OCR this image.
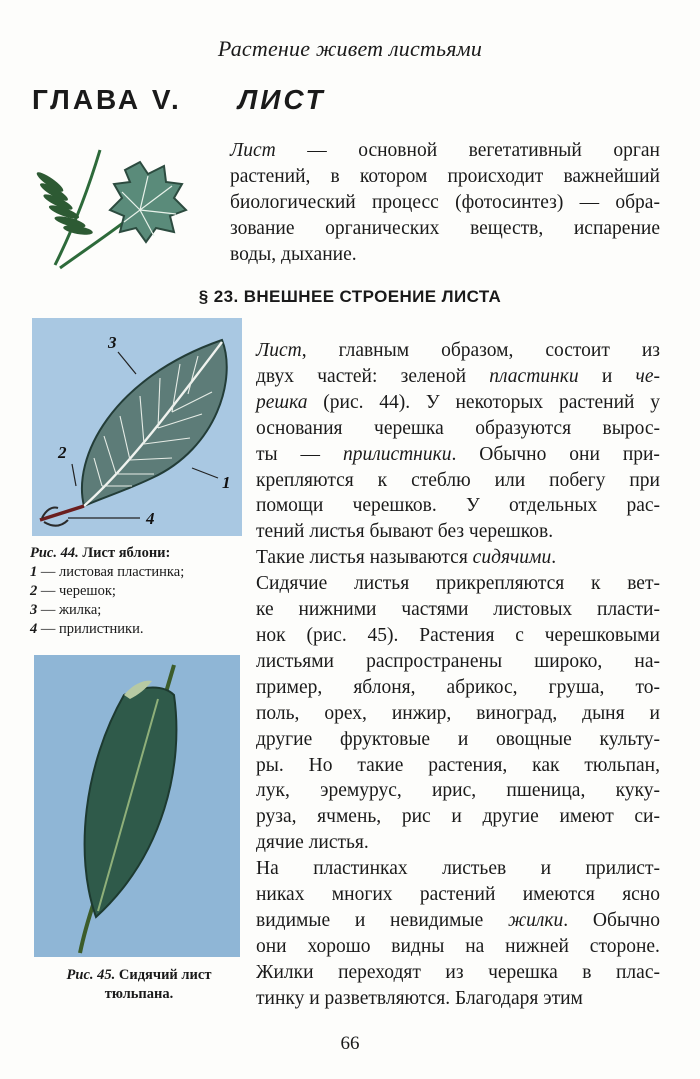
Растение живет листьями
ГЛАВА V. ЛИСТ
Лист — основной вегетативный орган
растений, в котором происходит важнейший
биологический процесс (фотосинтез) — обра-
зование органических веществ, испарение
воды, дыхание.
§ 23. ВНЕШНЕЕ СТРОЕНИЕ ЛИСТА
1
2
3
4
Рис. 44. Лист яблони:
1 — листовая пластинка;
2 — черешок;
3 — жилка;
4 — прилистники.
Рис. 45. Сидячий лист
тюльпана.
Лист, главным образом, состоит из
двух частей: зеленой пластинки и че-
решка (рис. 44). У некоторых растений у
основания черешка образуются вырос-
ты — прилистники. Обычно они при-
крепляются к стеблю или побегу при
помощи черешков. У отдельных рас-
тений листья бывают без черешков.
Такие листья называются сидячими.
Сидячие листья прикрепляются к вет-
ке нижними частями листовых пласти-
нок (рис. 45). Растения с черешковыми
листьями распространены широко, на-
пример, яблоня, абрикос, груша, то-
поль, орех, инжир, виноград, дыня и
другие фруктовые и овощные культу-
ры. Но такие растения, как тюльпан,
лук, эремурус, ирис, пшеница, куку-
руза, ячмень, рис и другие имеют си-
дячие листья.
На пластинках листьев и прилист-
никах многих растений имеются ясно
видимые и невидимые жилки. Обычно
они хорошо видны на нижней стороне.
Жилки переходят из черешка в плас-
тинку и разветвляются. Благодаря этим
66
